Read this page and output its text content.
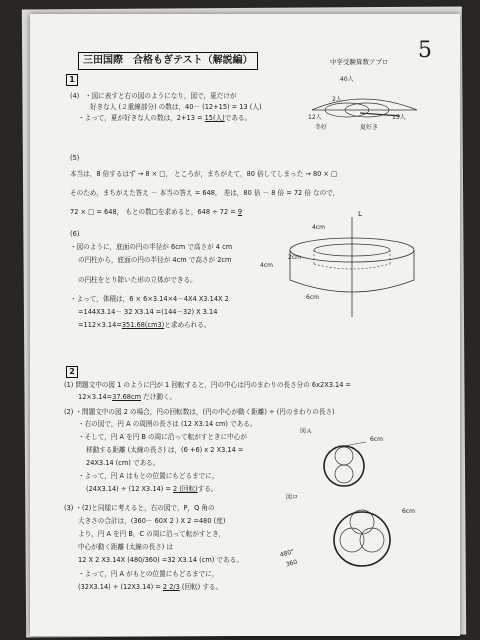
5
三田国際　合格もぎテスト（解説編）	中学受験算数アプロ
1
(4) ・図に表すと右の図のようになり，図で，夏だけが
好きな人 (２重線部分) の数は，40－ (12+15) = 13 (人)
・よって，夏が好きな人の数は，2+13 = 15(人)である。
40人
2人
12人	15人
冬好	夏好き
(5)
本当は，8 倍するはず → 8 × □， ところが，まちがえて，80 倍してしまった → 80 × □
そのため，まちがえた答え － 本当の答え = 648， 差は，80 倍 － 8 倍 = 72 倍 なので，
72 × □ = 648， もとの数□を求めると，648 ÷ 72 = 9
(6)
・図のように，底面の円の半径が 6cm で高さが 4 cm
の円柱から，底面の円の半径が 4cm で高さが 2cm
の円柱をとり除いた形の立体ができる。
・よって，体積は，6 × 6×3.14×4－4X4 X3.14X 2
=144X3.14－ 32 X3.14 =(144－32) X 3.14
=112×3.14=351.68(cm3)と求められる。
L
4cm
4cm
2cm
6cm
2
(1) 問題文中の図 1 のように円が 1 回転すると，円の中心は円のまわりの長さ分の 6x2X3.14 =
12×3.14=37.68cm だけ動く。
(2) ・問題文中の図 2 の場合，円の回転数は，(円の中心が動く距離) ÷ (円のまわりの長さ)
・右の図で，円 A の周囲の長さは (12 X3.14 cm) である。
・そして，円 A を円 B の周に沿って転がすときに中心が
移動する距離 (太線の長さ) は，(6 +6) x 2 X3.14 =
24X3.14 (cm) である。
・よって，円 A はもとの位置にもどるまでに，
(24X3.14) ÷ (12 X3.14) = 2 (回転)する。
図Ａ
6cm
(3) ・(2)と同様に考えると，右の図で，P，Q 角の
大きさの合計は，(360－ 60X 2 ) X 2 =480 (度)
より，円 A を円 B，C の周に沿って転がすとき，
中心が動く距離 (太線の長さ) は
12 X 2 X3.14X (480/360) =32 X3.14 (cm) である。
・よって，円 A がもとの位置にもどるまでに，
(32X3.14) ÷ (12X3.14) = 2 2/3 (回転) する。
図ロ
6cm
480°
360
